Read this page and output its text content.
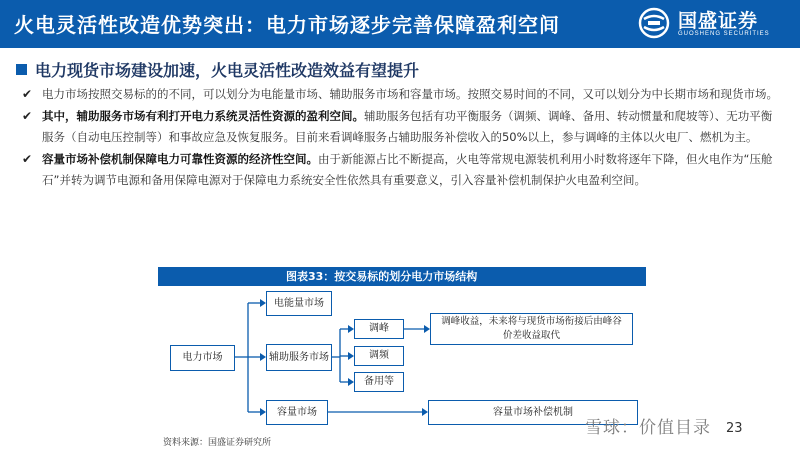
火电灵活性改造优势突出：电力市场逐步完善保障盈利空间	国盛证券
GUOSHENG SECURITIES
电力现货市场建设加速，火电灵活性改造效益有望提升
✔ 电力市场按照交易标的的不同，可以划分为电能量市场、辅助服务市场和容量市场。按照交易时间的不同，又可以划分为中长期市场和现货市场。
✔ 其中，辅助服务市场有利打开电力系统灵活性资源的盈利空间。辅助服务包括有功平衡服务（调频、调峰、备用、转动惯量和爬坡等）、无功平衡服务（自动电压控制等）和事故应急及恢复服务。目前来看调峰服务占辅助服务补偿收入的50%以上，参与调峰的主体以火电厂、燃机为主。
✔ 容量市场补偿机制保障电力可靠性资源的经济性空间。由于新能源占比不断提高，火电等常规电源装机利用小时数将逐年下降，但火电作为“压舱石”并转为调节电源和备用保障电源对于保障电力系统安全性依然具有重要意义，引入容量补偿机制保护火电盈利空间。
图表33：按交易标的划分电力市场结构
电力市场
电能量市场
辅助服务市场
容量市场
调峰
调频
备用等
调峰收益，未来将与现货市场衔接后由峰谷价差收益取代
容量市场补偿机制
资料来源：国盛证券研究所
雪球：价值目录 23
